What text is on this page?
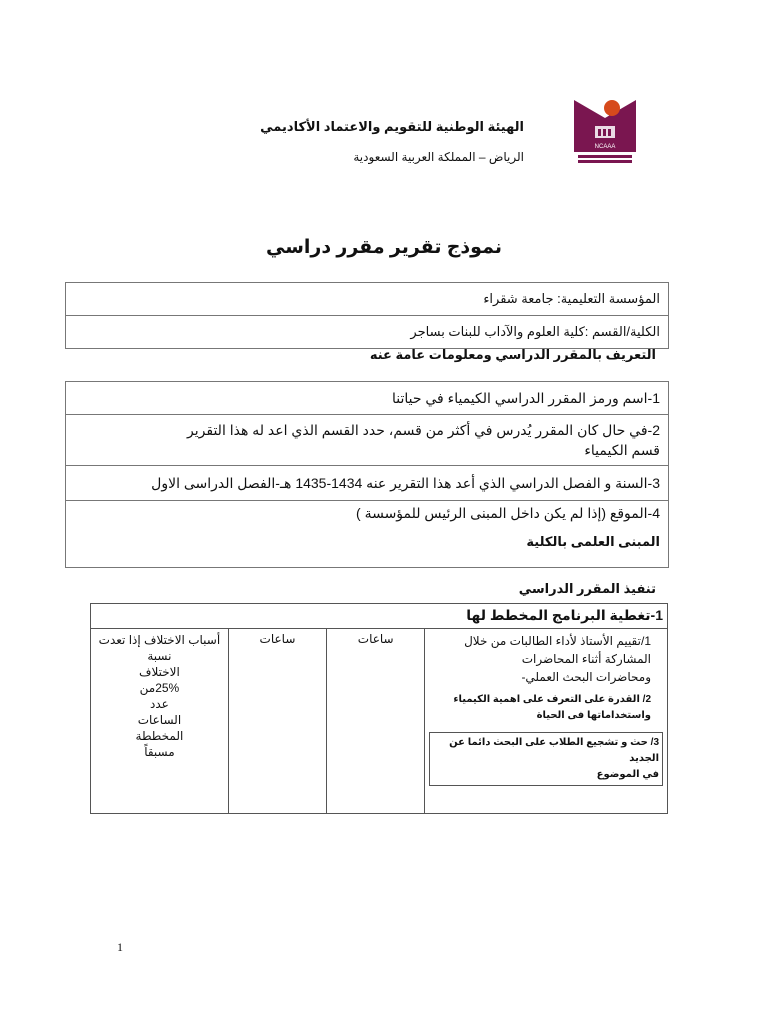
NCAAA
الهيئة الوطنية للتقويم والاعتماد الأكاديمي
الرياض – المملكة العربية السعودية
نموذج تقرير مقرر دراسي
المؤسسة التعليمية: جامعة شقراء
الكلية/القسم :كلية العلوم والآداب للبنات بساجر
التعريف بالمقرر الدراسي ومعلومات عامة عنه
1-اسم ورمز المقرر الدراسي الكيمياء في حياتنا

2-في حال كان المقرر يُدرس في أكثر من قسم، حدد القسم الذي اعد له هذا التقرير
قسم الكيمياء

3-السنة و الفصل الدراسي الذي أعد هذا التقرير عنه 1434-1435 هـ-الفصل الدراسى الاول

4-الموقع (إذا لم يكن داخل المبنى الرئيس للمؤسسة )
المبنى العلمى بالكلية
تنفيذ المقرر الدراسي
1-تغطية البرنامج المخطط لها

1/تقييم الأستاذ لأداء الطالبات من خلال
المشاركة أثناء المحاضرات
ومحاضرات البحث العملي-
2/ القدرة على التعرف على اهمية الكيمياء
واستخداماتها فى الحياة
3/ حث و تشجيع الطلاب على البحث دائما عن الجديد
في الموضوع
	ساعات	ساعات	
أسباب الاختلاف إذا تعدت
نسبة
الاختلاف
25%من
عدد
الساعات
المخططة
مسبقاً
1
